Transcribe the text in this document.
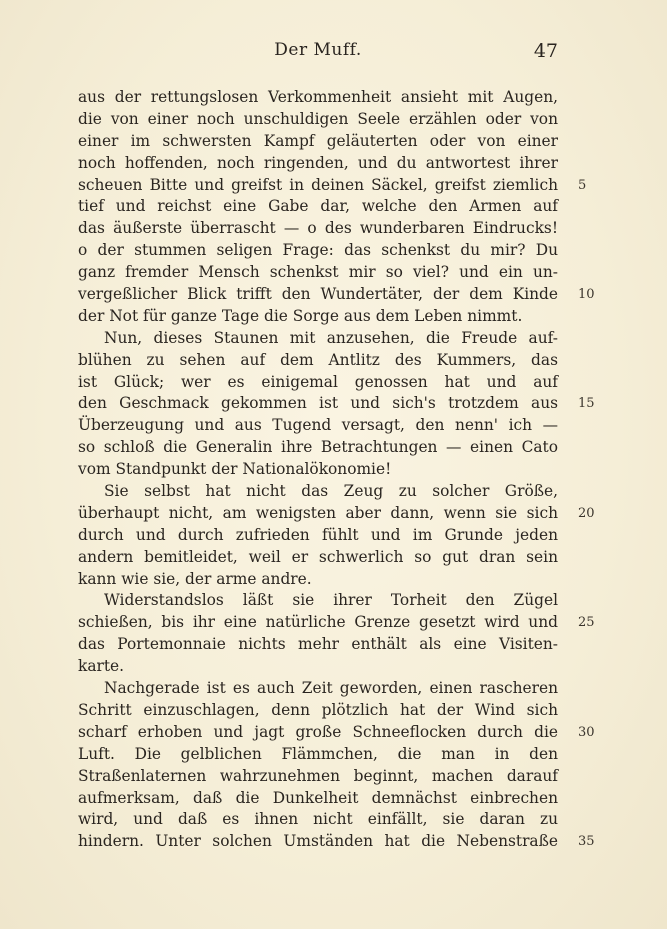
Der Muff.	47
aus der rettungslosen Verkommenheit ansieht mit Augen,
die von einer noch unschuldigen Seele erzählen oder von
einer im schwersten Kampf geläuterten oder von einer
noch hoffenden, noch ringenden, und du antwortest ihrer
scheuen Bitte und greifst in deinen Säckel, greifst ziemlich 5
tief und reichst eine Gabe dar, welche den Armen auf
das äußerste überrascht — o des wunderbaren Eindrucks!
o der stummen seligen Frage: das schenkst du mir? Du
ganz fremder Mensch schenkst mir so viel? und ein un-
vergeßlicher Blick trifft den Wundertäter, der dem Kinde 10
der Not für ganze Tage die Sorge aus dem Leben nimmt.
Nun, dieses Staunen mit anzusehen, die Freude auf-
blühen zu sehen auf dem Antlitz des Kummers, das
ist Glück; wer es einigemal genossen hat und auf
den Geschmack gekommen ist und sich's trotzdem aus 15
Überzeugung und aus Tugend versagt, den nenn' ich —
so schloß die Generalin ihre Betrachtungen — einen Cato
vom Standpunkt der Nationalökonomie!
Sie selbst hat nicht das Zeug zu solcher Größe,
überhaupt nicht, am wenigsten aber dann, wenn sie sich 20
durch und durch zufrieden fühlt und im Grunde jeden
andern bemitleidet, weil er schwerlich so gut dran sein
kann wie sie, der arme andre.
Widerstandslos läßt sie ihrer Torheit den Zügel
schießen, bis ihr eine natürliche Grenze gesetzt wird und 25
das Portemonnaie nichts mehr enthält als eine Visiten-
karte.
Nachgerade ist es auch Zeit geworden, einen rascheren
Schritt einzuschlagen, denn plötzlich hat der Wind sich
scharf erhoben und jagt große Schneeflocken durch die 30
Luft. Die gelblichen Flämmchen, die man in den
Straßenlaternen wahrzunehmen beginnt, machen darauf
aufmerksam, daß die Dunkelheit demnächst einbrechen
wird, und daß es ihnen nicht einfällt, sie daran zu
hindern. Unter solchen Umständen hat die Nebenstraße 35
